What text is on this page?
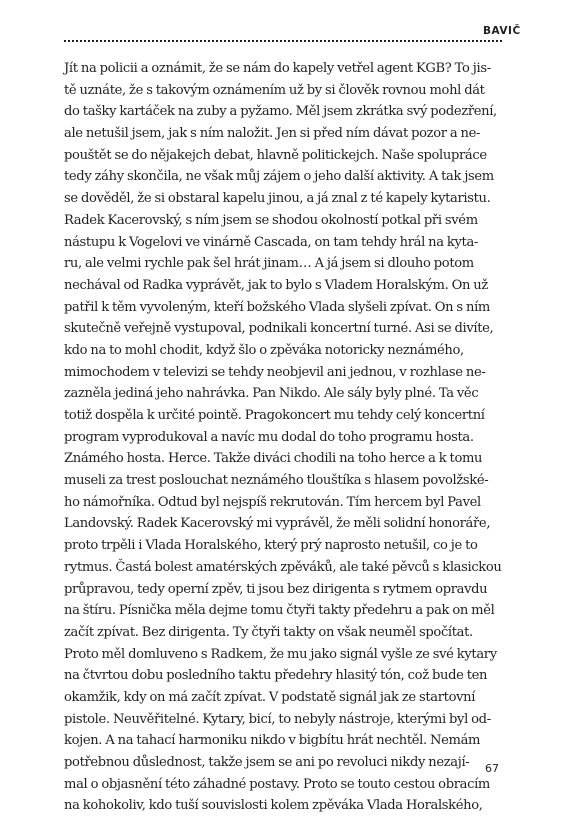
BAVIČ
Jít na policii a oznámit, že se nám do kapely vetřel agent KGB? To jis-
tě uznáte, že s takovým oznámením už by si člověk rovnou mohl dát
do tašky kartáček na zuby a pyžamo. Měl jsem zkrátka svý podezření,
ale netušil jsem, jak s ním naložit. Jen si před ním dávat pozor a ne-
pouštět se do nějakejch debat, hlavně politickejch. Naše spolupráce
tedy záhy skončila, ne však můj zájem o jeho další aktivity. A tak jsem
se dověděl, že si obstaral kapelu jinou, a já znal z té kapely kytaristu.
Radek Kacerovský, s ním jsem se shodou okolností potkal při svém
nástupu k Vogelovi ve vinárně Cascada, on tam tehdy hrál na kyta-
ru, ale velmi rychle pak šel hrát jinam… A já jsem si dlouho potom
nechával od Radka vyprávět, jak to bylo s Vladem Horalským. On už
patřil k těm vyvoleným, kteří božského Vlada slyšeli zpívat. On s ním
skutečně veřejně vystupoval, podnikali koncertní turné. Asi se divíte,
kdo na to mohl chodit, když šlo o zpěváka notoricky neznámého,
mimochodem v televizi se tehdy neobjevil ani jednou, v rozhlase ne-
zazněla jediná jeho nahrávka. Pan Nikdo. Ale sály byly plné. Ta věc
totiž dospěla k určité pointě. Pragokoncert mu tehdy celý koncertní
program vyprodukoval a navíc mu dodal do toho programu hosta.
Známého hosta. Herce. Takže diváci chodili na toho herce a k tomu
museli za trest poslouchat neznámého tlouštíka s hlasem povolžské-
ho námořníka. Odtud byl nejspíš rekrutován. Tím hercem byl Pavel
Landovský. Radek Kacerovský mi vyprávěl, že měli solidní honoráře,
proto trpěli i Vlada Horalského, který prý naprosto netušil, co je to
rytmus. Častá bolest amatérských zpěváků, ale také pěvců s klasickou
průpravou, tedy operní zpěv, ti jsou bez dirigenta s rytmem opravdu
na štíru. Písnička měla dejme tomu čtyři takty předehru a pak on měl
začít zpívat. Bez dirigenta. Ty čtyři takty on však neuměl spočítat.
Proto měl domluveno s Radkem, že mu jako signál vyšle ze své kytary
na čtvrtou dobu posledního taktu předehry hlasitý tón, což bude ten
okamžik, kdy on má začít zpívat. V podstatě signál jak ze startovní
pistole. Neuvěřitelné. Kytary, bicí, to nebyly nástroje, kterými byl od-
kojen. A na tahací harmoniku nikdo v bigbítu hrát nechtěl. Nemám
potřebnou důslednost, takže jsem se ani po revoluci nikdy nezají-
mal o objasnění této záhadné postavy. Proto se touto cestou obracím
na kohokoliv, kdo tuší souvislosti kolem zpěváka Vlada Horalského,
67
